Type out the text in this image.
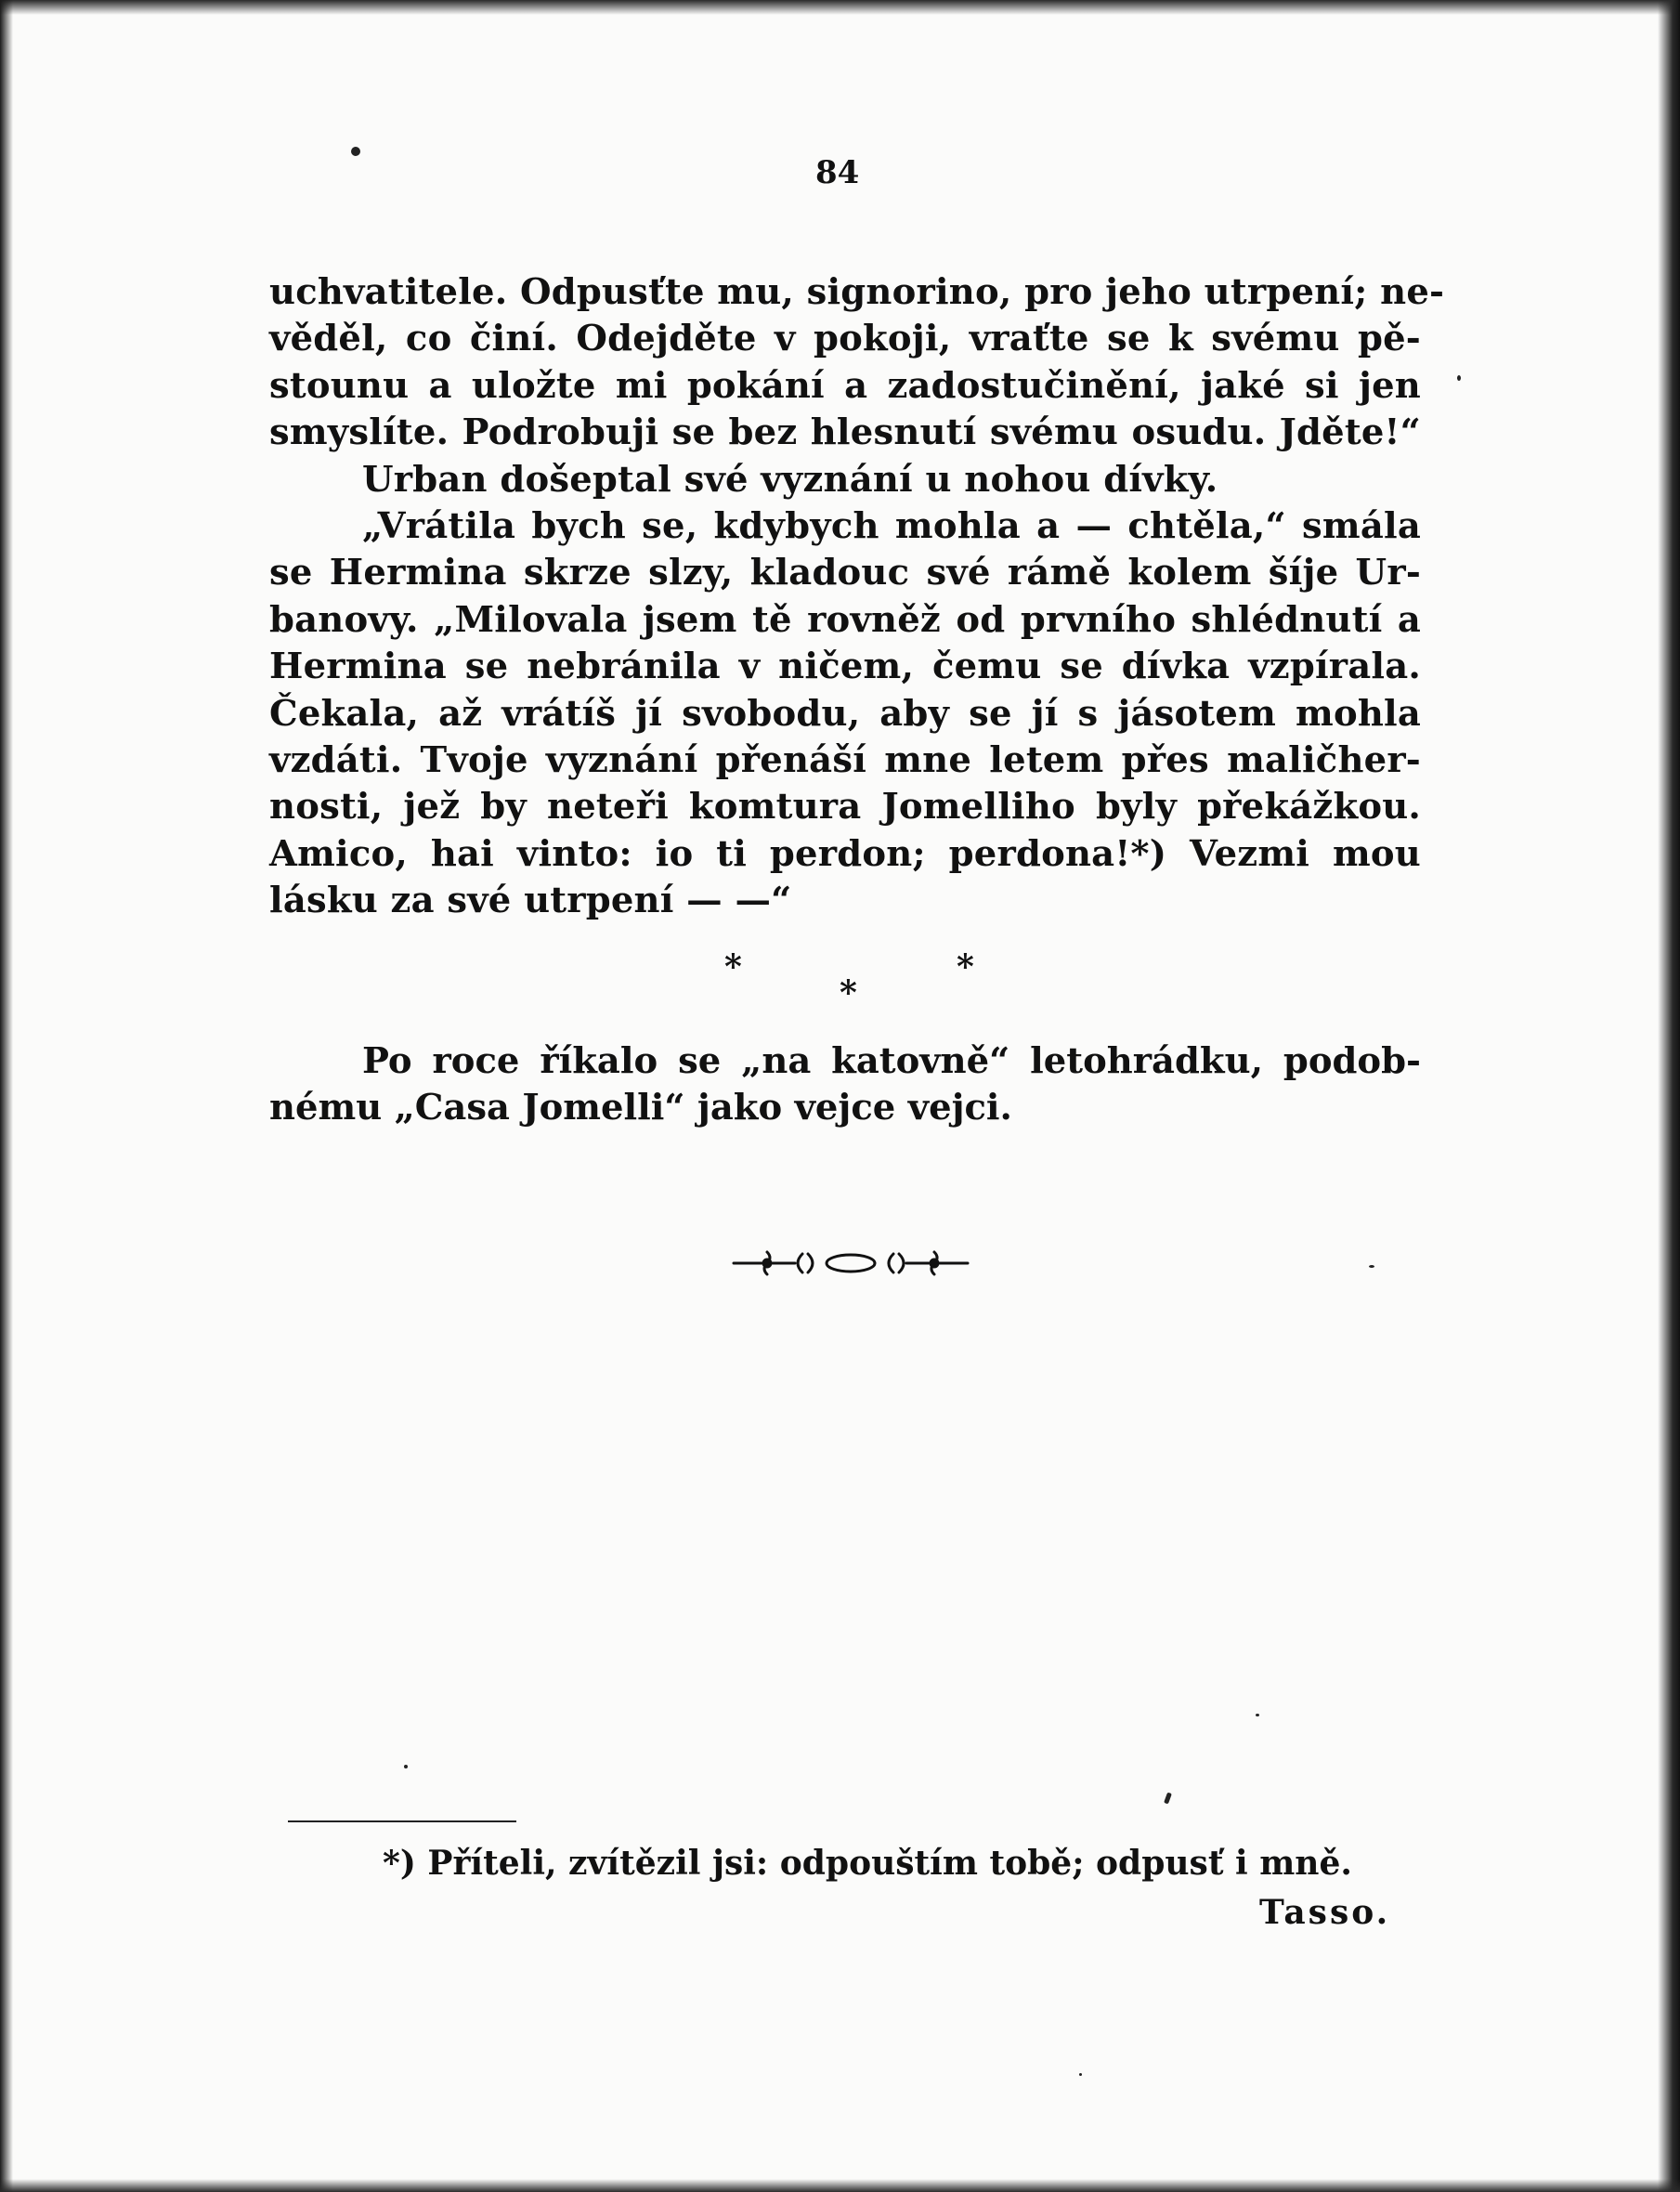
84
uchvatitele. Odpusťte mu, signorino, pro jeho utrpení; ne-
věděl, co činí. Odejděte v pokoji, vraťte se k svému pě-
stounu a uložte mi pokání a zadostučinění, jaké si jen
smyslíte. Podrobuji se bez hlesnutí svému osudu. Jděte!“
Urban došeptal své vyznání u nohou dívky.
„Vrátila bych se, kdybych mohla a — chtěla,“ smála
se Hermina skrze slzy, kladouc své rámě kolem šíje Ur-
banovy. „Milovala jsem tě rovněž od prvního shlédnutí a
Hermina se nebránila v ničem, čemu se dívka vzpírala.
Čekala, až vrátíš jí svobodu, aby se jí s jásotem mohla
vzdáti. Tvoje vyznání přenáší mne letem přes maličher-
nosti, jež by neteři komtura Jomelliho byly překážkou.
Amico, hai vinto: io ti perdon; perdona!*) Vezmi mou
lásku za své utrpení — —“
*
*
*
Po roce říkalo se „na katovně“ letohrádku, podob-
nému „Casa Jomelli“ jako vejce vejci.
*) Příteli, zvítězil jsi: odpouštím tobě; odpusť i mně.
Tasso.
